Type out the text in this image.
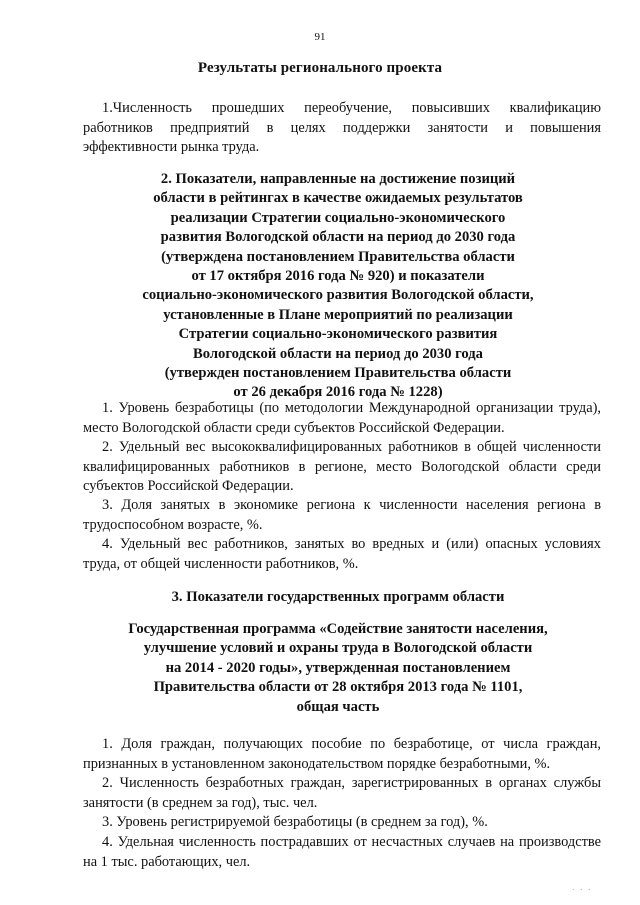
91
Результаты регионального проекта
1.Численность прошедших переобучение, повысивших квалификацию работников предприятий в целях поддержки занятости и повышения эффективности рынка труда.
2. Показатели, направленные на достижение позиций
области в рейтингах в качестве ожидаемых результатов
реализации Стратегии социально-экономического
развития Вологодской области на период до 2030 года
(утверждена постановлением Правительства области
от 17 октября 2016 года № 920) и показатели
социально-экономического развития Вологодской области,
установленные в Плане мероприятий по реализации
Стратегии социально-экономического развития
Вологодской области на период до 2030 года
(утвержден постановлением Правительства области
от 26 декабря 2016 года № 1228)
1. Уровень безработицы (по методологии Международной организации труда), место Вологодской области среди субъектов Российской Федерации.
2. Удельный вес высококвалифицированных работников в общей численности квалифицированных работников в регионе, место Вологодской области среди субъектов Российской Федерации.
3. Доля занятых в экономике региона к численности населения региона в трудоспособном возрасте, %.
4. Удельный вес работников, занятых во вредных и (или) опасных условиях труда, от общей численности работников, %.
3. Показатели государственных программ области
Государственная программа «Содействие занятости населения,
улучшение условий и охраны труда в Вологодской области
на 2014 - 2020 годы», утвержденная постановлением
Правительства области от 28 октября 2013 года № 1101,
общая часть
1. Доля граждан, получающих пособие по безработице, от числа граждан, признанных в установленном законодательством порядке безработными, %.
2. Численность безработных граждан, зарегистрированных в органах службы занятости (в среднем за год), тыс. чел.
3. Уровень регистрируемой безработицы (в среднем за год), %.
4. Удельная численность пострадавших от несчастных случаев на производстве на 1 тыс. работающих, чел.
· · ·
